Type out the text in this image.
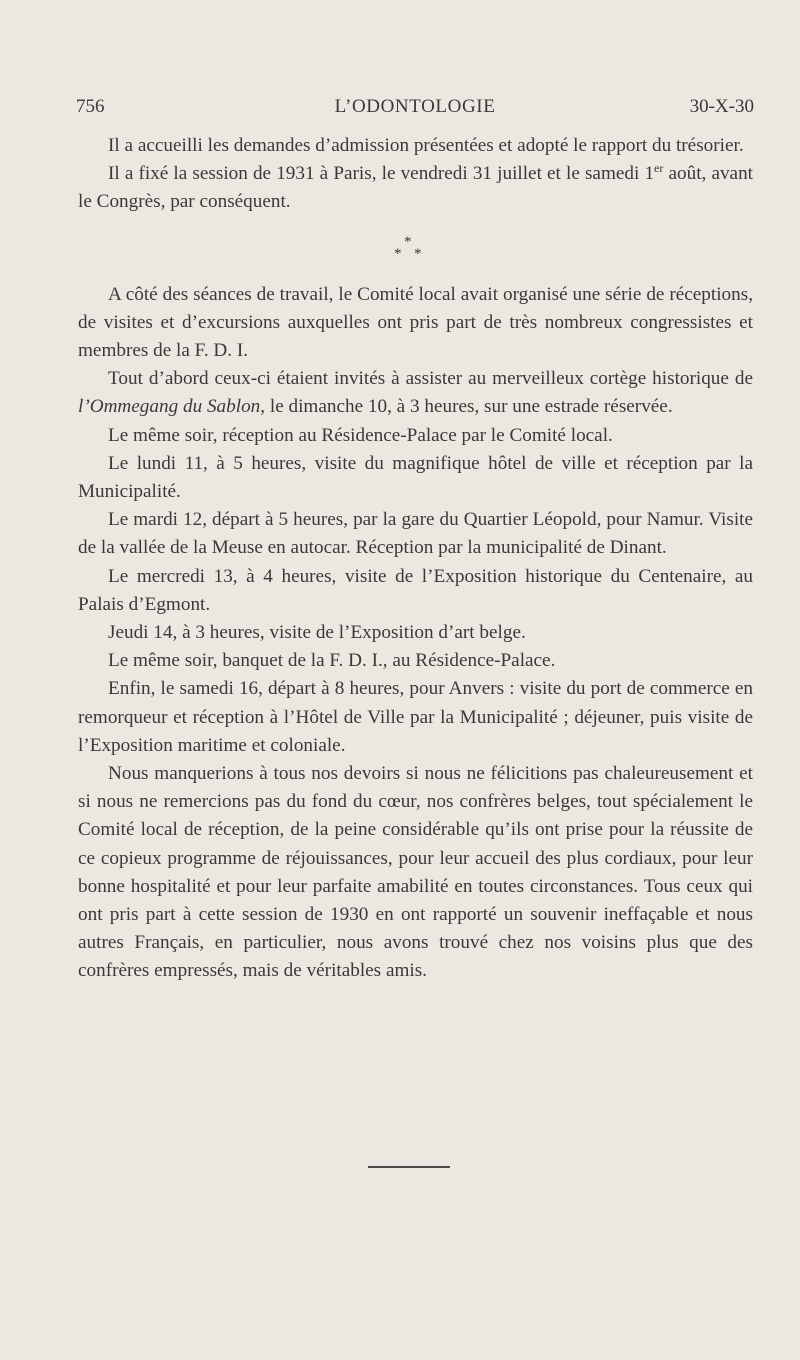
756	L’ODONTOLOGIE	30-X-30

Il a accueilli les demandes d’admission présentées et adopté le rapport du trésorier.

Il a fixé la session de 1931 à Paris, le vendredi 31 juillet et le samedi 1er août, avant le Congrès, par conséquent.

*
* *

A côté des séances de travail, le Comité local avait organisé une série de réceptions, de visites et d’excursions auxquelles ont pris part de très nombreux congressistes et membres de la F. D. I.

Tout d’abord ceux-ci étaient invités à assister au merveilleux cortège historique de l’Ommegang du Sablon, le dimanche 10, à 3 heures, sur une estrade réservée.

Le même soir, réception au Résidence-Palace par le Comité local.

Le lundi 11, à 5 heures, visite du magnifique hôtel de ville et réception par la Municipalité.

Le mardi 12, départ à 5 heures, par la gare du Quartier Léopold, pour Namur. Visite de la vallée de la Meuse en autocar. Réception par la municipalité de Dinant.

Le mercredi 13, à 4 heures, visite de l’Exposition historique du Centenaire, au Palais d’Egmont.

Jeudi 14, à 3 heures, visite de l’Exposition d’art belge.

Le même soir, banquet de la F. D. I., au Résidence-Palace.

Enfin, le samedi 16, départ à 8 heures, pour Anvers : visite du port de commerce en remorqueur et réception à l’Hôtel de Ville par la Municipalité ; déjeuner, puis visite de l’Exposition maritime et coloniale.

Nous manquerions à tous nos devoirs si nous ne félicitions pas chaleureusement et si nous ne remercions pas du fond du cœur, nos confrères belges, tout spécialement le Comité local de réception, de la peine considérable qu’ils ont prise pour la réussite de ce copieux programme de réjouissances, pour leur accueil des plus cordiaux, pour leur bonne hospitalité et pour leur parfaite amabilité en toutes circonstances. Tous ceux qui ont pris part à cette session de 1930 en ont rapporté un souvenir ineffaçable et nous autres Français, en particulier, nous avons trouvé chez nos voisins plus que des confrères empressés, mais de véritables amis.
